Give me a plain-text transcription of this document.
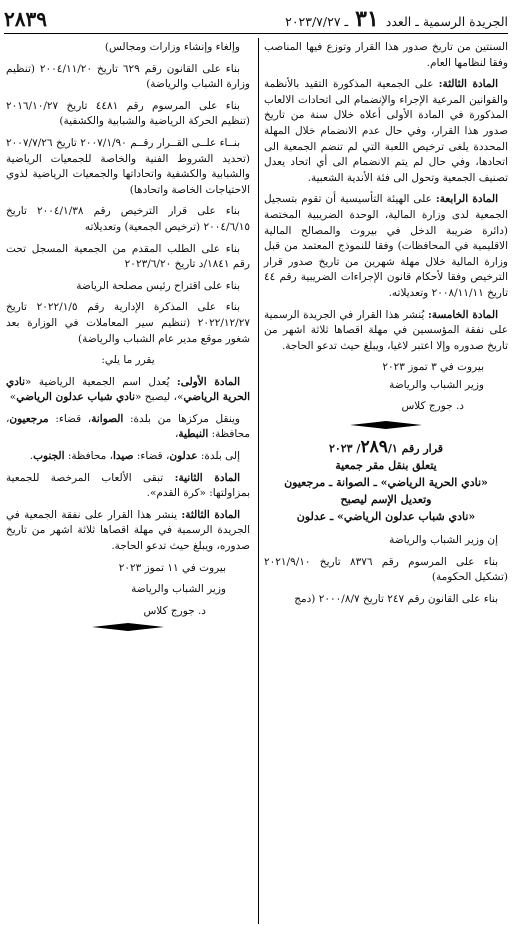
الجريدة الرسمية ـ العدد ٣١ ـ ٢٠٢٣/٧/٢٧
٢٨٣٩

السنتين من تاريخ صدور هذا القرار وتوزع فيها المناصب وفقا لنظامها العام.

المادة الثالثة: على الجمعية المذكورة التقيد بالأنظمة والقوانين المرعية الإجراء والإنضمام الى اتحادات الالعاب المذكورة في المادة الأولى أعلاه خلال سنة من تاريخ صدور هذا القرار، وفي حال عدم الانضمام خلال المهلة المحددة يلغى ترخيص اللعبة التي لم تنضم الجمعية الى اتحادها، وفي حال لم يتم الانضمام الى أي اتحاد يعدل تصنيف الجمعية وتحول الى فئة الأندية الشعبية.

المادة الرابعة: على الهيئة التأسيسية أن تقوم بتسجيل الجمعية لدى وزارة المالية، الوحدة الضريبية المختصة (دائرة ضريبة الدخل في بيروت والمصالح المالية الاقليمية في المحافظات) وفقا للنموذج المعتمد من قبل وزارة المالية خلال مهلة شهرين من تاريخ صدور قرار الترخيص وفقا لأحكام قانون الإجراءات الضريبية رقم ٤٤ تاريخ ٢٠٠٨/١١/١١ وتعديلاته.

المادة الخامسة: يُنشر هذا القرار في الجريدة الرسمية على نفقة المؤسسين في مهلة اقصاها ثلاثة اشهر من تاريخ صدوره وإلا اعتبر لاغيا، ويبلغ حيث تدعو الحاجة.

بيروت في ٣ تموز ٢٠٢٣
وزير الشباب والرياضة
د. جورج كلاس
قرار رقم ٢٨٩/١/ ٢٠٢٣
يتعلق بنقل مقر جمعية
«نادي الحرية الرياضي» ـ الصوانة ـ مرجعيون
وتعديل الإسم ليصبح
«نادي شباب عدلون الرياضي» ـ عدلون

إن وزير الشباب والرياضة

بناء على المرسوم رقم ٨٣٧٦ تاريخ ٢٠٢١/٩/١٠ (تشكيل الحكومة)

بناء على القانون رقم ٢٤٧ تاريخ ٢٠٠٠/٨/٧ (دمج

وإلغاء وإنشاء وزارات ومجالس)

بناء على القانون رقم ٦٢٩ تاريخ ٢٠٠٤/١١/٢٠ (تنظيم وزارة الشباب والرياضة)

بناء على المرسوم رقم ٤٤٨١ تاريخ ٢٠١٦/١٠/٢٧ (تنظيم الحركة الرياضية والشبابية والكشفية)

بنــاء علــى القــرار رقــم ٢٠٠٧/١/٩٠ تاريخ ٢٠٠٧/٧/٢٦ (تحديد الشروط الفنية والخاصة للجمعيات الرياضية والشبابية والكشفية واتحاداتها والجمعيات الرياضية لذوي الاحتياجات الخاصة واتحادها)

بناء على قرار الترخيص رقم ٢٠٠٤/١/٣٨ تاريخ ٢٠٠٤/٦/١٥ (ترخيص الجمعية) وتعديلاته

بناء على الطلب المقدم من الجمعية المسجل تحت رقم ١٨٤١/د تاريخ ٢٠٢٣/٦/٢٠

بناء على اقتراح رئيس مصلحة الرياضة

بناء على المذكرة الإدارية رقم ٢٠٢٢/١/٥ تاريخ ٢٠٢٢/١٢/٢٧ (تنظيم سير المعاملات في الوزارة بعد شغور موقع مدير عام الشباب والرياضة)

يقرر ما يلي:

المادة الأولى: يُعدل اسم الجمعية الرياضية «نادي الحرية الرياضي»، ليصبح «نادي شباب عدلون الرياضي»

وينقل مركزها من بلدة: الصوانة، قضاء: مرجعيون، محافظة: النبطية،

إلى بلدة: عدلون، قضاء: صيدا، محافظة: الجنوب.

المادة الثانية: تبقى الألعاب المرخصة للجمعية بمزاولتها: «كرة القدم».

المادة الثالثة: ينشر هذا القرار على نفقة الجمعية في الجريدة الرسمية في مهلة اقصاها ثلاثة اشهر من تاريخ صدوره، ويبلغ حيث تدعو الحاجة.

بيروت في ١١ تموز ٢٠٢٣
وزير الشباب والرياضة
د. جورج كلاس
